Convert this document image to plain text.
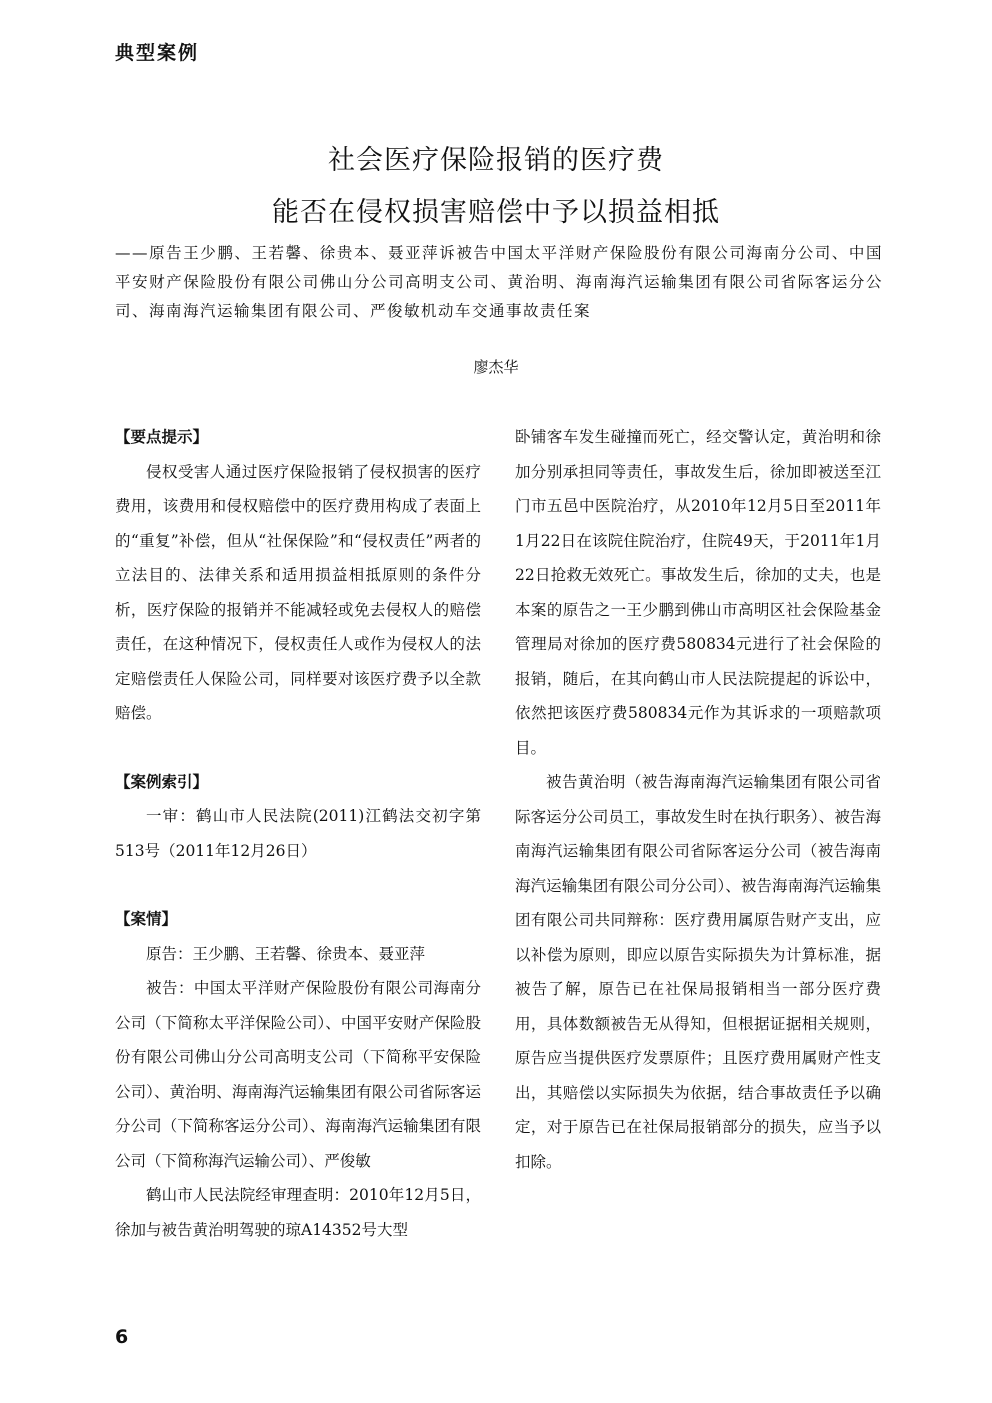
典型案例
社会医疗保险报销的医疗费
能否在侵权损害赔偿中予以损益相抵
——原告王少鹏、王若馨、徐贵本、聂亚萍诉被告中国太平洋财产保险股份有限公司海南分公司、中国平安财产保险股份有限公司佛山分公司高明支公司、黄治明、海南海汽运输集团有限公司省际客运分公司、海南海汽运输集团有限公司、严俊敏机动车交通事故责任案
廖杰华
【要点提示】

侵权受害人通过医疗保险报销了侵权损害的医疗费用，该费用和侵权赔偿中的医疗费用构成了表面上的“重复”补偿，但从“社保保险”和“侵权责任”两者的立法目的、法律关系和适用损益相抵原则的条件分析，医疗保险的报销并不能减轻或免去侵权人的赔偿责任，在这种情况下，侵权责任人或作为侵权人的法定赔偿责任人保险公司，同样要对该医疗费予以全款赔偿。

【案例索引】

一审：鹤山市人民法院(2011)江鹤法交初字第513号（2011年12月26日）

【案情】

原告：王少鹏、王若馨、徐贵本、聂亚萍

被告：中国太平洋财产保险股份有限公司海南分公司（下简称太平洋保险公司）、中国平安财产保险股份有限公司佛山分公司高明支公司（下简称平安保险公司）、黄治明、海南海汽运输集团有限公司省际客运分公司（下简称客运分公司）、海南海汽运输集团有限公司（下简称海汽运输公司）、严俊敏

鹤山市人民法院经审理查明：2010年12月5日，徐加与被告黄治明驾驶的琼A14352号大型

卧铺客车发生碰撞而死亡，经交警认定，黄治明和徐加分别承担同等责任，事故发生后，徐加即被送至江门市五邑中医院治疗，从2010年12月5日至2011年1月22日在该院住院治疗，住院49天，于2011年1月22日抢救无效死亡。事故发生后，徐加的丈夫，也是本案的原告之一王少鹏到佛山市高明区社会保险基金管理局对徐加的医疗费580834元进行了社会保险的报销，随后，在其向鹤山市人民法院提起的诉讼中，依然把该医疗费580834元作为其诉求的一项赔款项目。

被告黄治明（被告海南海汽运输集团有限公司省际客运分公司员工，事故发生时在执行职务）、被告海南海汽运输集团有限公司省际客运分公司（被告海南海汽运输集团有限公司分公司）、被告海南海汽运输集团有限公司共同辩称：医疗费用属原告财产支出，应以补偿为原则，即应以原告实际损失为计算标准，据被告了解，原告已在社保局报销相当一部分医疗费用，具体数额被告无从得知，但根据证据相关规则，原告应当提供医疗发票原件；且医疗费用属财产性支出，其赔偿以实际损失为依据，结合事故责任予以确定，对于原告已在社保局报销部分的损失，应当予以扣除。

6
